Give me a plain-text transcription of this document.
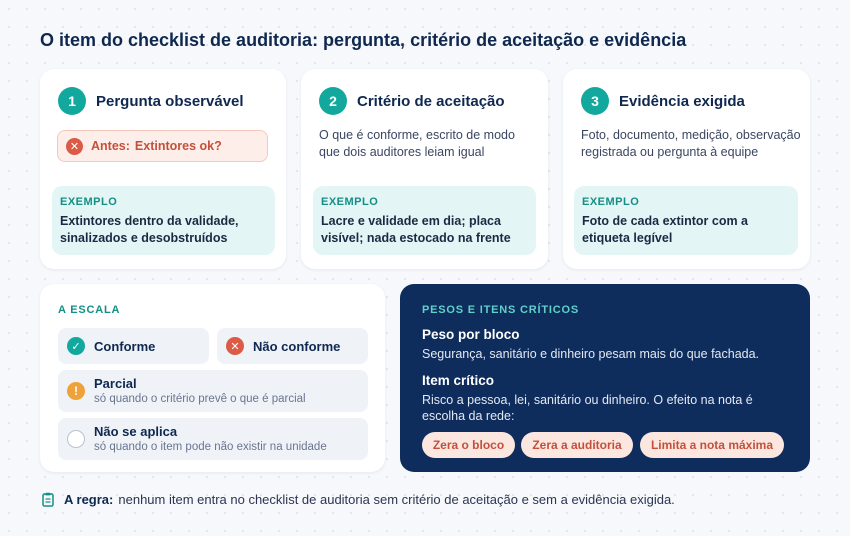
O item do checklist de auditoria: pergunta, critério de aceitação e evidência
1	Pergunta observável
✕ Antes: Extintores ok?
EXEMPLO
Extintores dentro da validade, sinalizados e desobstruídos
2	Critério de aceitação
O que é conforme, escrito de modo que dois auditores leiam igual
EXEMPLO
Lacre e validade em dia; placa visível; nada estocado na frente
3	Evidência exigida
Foto, documento, medição, observação registrada ou pergunta à equipe
EXEMPLO
Foto de cada extintor com a etiqueta legível
A ESCALA
✓	Conforme	✕	Não conforme
!	Parcial
só quando o critério prevê o que é parcial
Não se aplica
só quando o item pode não existir na unidade
PESOS E ITENS CRÍTICOS
Peso por bloco
Segurança, sanitário e dinheiro pesam mais do que fachada.
Item crítico
Risco a pessoa, lei, sanitário ou dinheiro. O efeito na nota é escolha da rede:
Zera o bloco	Zera a auditoria	Limita a nota máxima
A regra: nenhum item entra no checklist de auditoria sem critério de aceitação e sem a evidência exigida.
